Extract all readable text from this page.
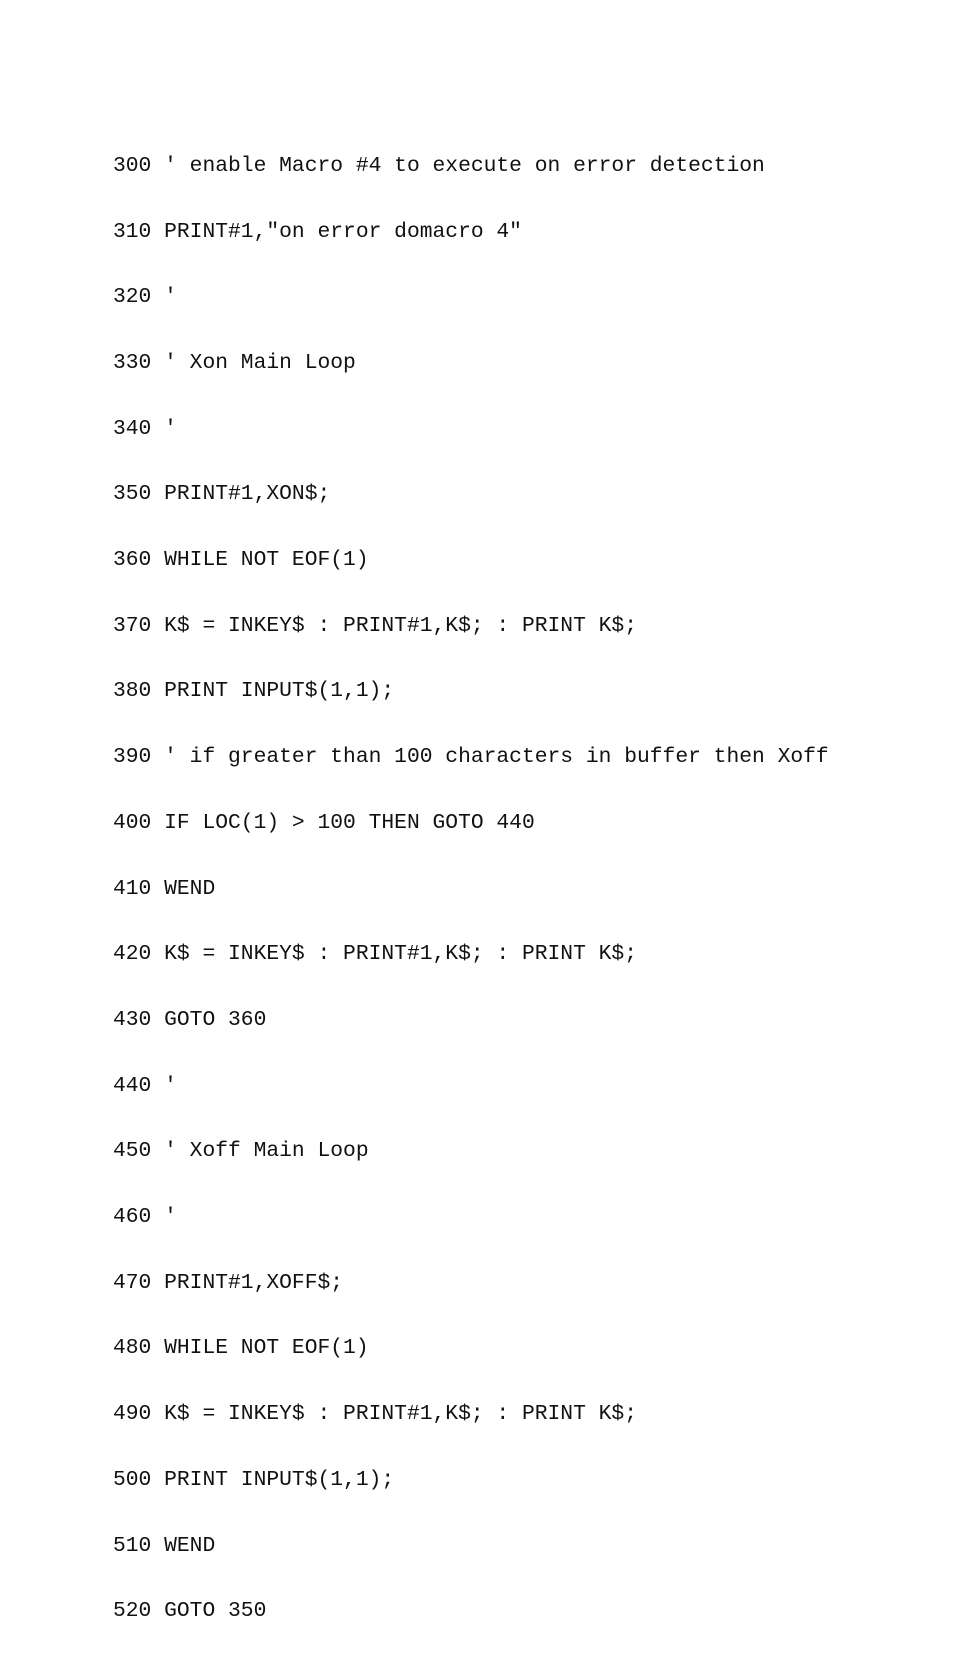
300 ' enable Macro #4 to execute on error detection

310 PRINT#1,"on error domacro 4"

320 '

330 ' Xon Main Loop

340 '

350 PRINT#1,XON$;

360 WHILE NOT EOF(1)

370 K$ = INKEY$ : PRINT#1,K$; : PRINT K$;

380 PRINT INPUT$(1,1);

390 ' if greater than 100 characters in buffer then Xoff

400 IF LOC(1) > 100 THEN GOTO 440

410 WEND

420 K$ = INKEY$ : PRINT#1,K$; : PRINT K$;

430 GOTO 360

440 '

450 ' Xoff Main Loop

460 '

470 PRINT#1,XOFF$;

480 WHILE NOT EOF(1)

490 K$ = INKEY$ : PRINT#1,K$; : PRINT K$;

500 PRINT INPUT$(1,1);

510 WEND

520 GOTO 350
